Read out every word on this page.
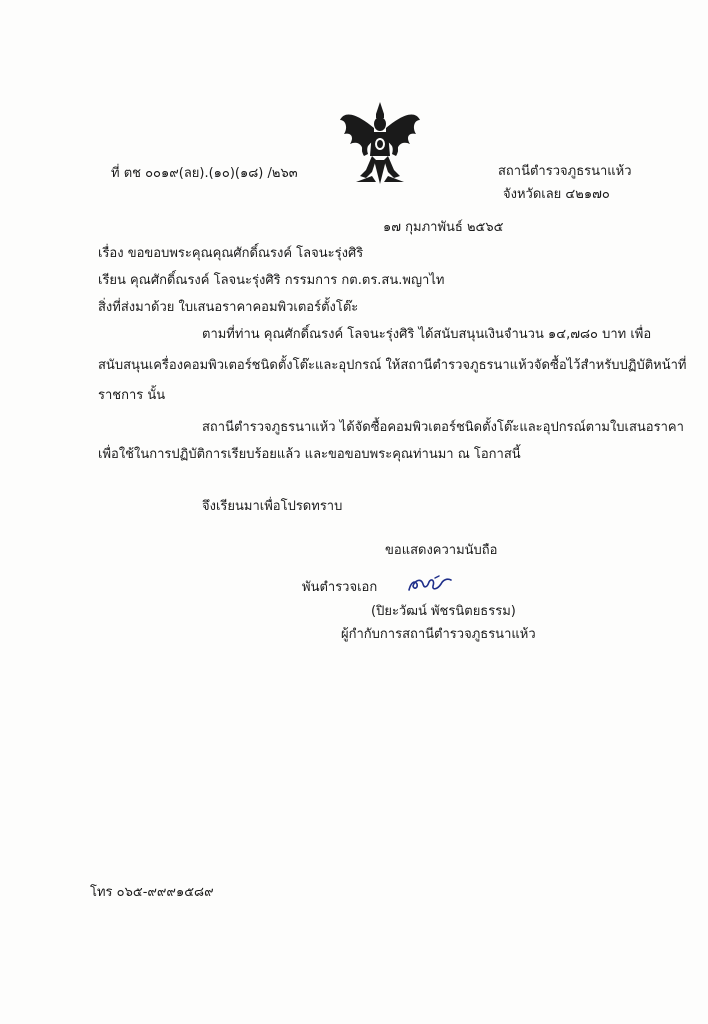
ที่ ตช ๐๐๑๙(ลย).(๑๐)(๑๘) /๒๖๓	สถานีตำรวจภูธรนาแห้ว
จังหวัดเลย ๔๒๑๗๐
๑๗ กุมภาพันธ์ ๒๕๖๕
เรื่อง ขอขอบพระคุณคุณศักดิ์ณรงค์ โลจนะรุ่งศิริ
เรียน คุณศักดิ์ณรงค์ โลจนะรุ่งศิริ กรรมการ กต.ตร.สน.พญาไท
สิ่งที่ส่งมาด้วย ใบเสนอราคาคอมพิวเตอร์ตั้งโต๊ะ
ตามที่ท่าน คุณศักดิ์ณรงค์ โลจนะรุ่งศิริ ได้สนับสนุนเงินจำนวน ๑๔,๗๘๐ บาท เพื่อ
สนับสนุนเครื่องคอมพิวเตอร์ชนิดตั้งโต๊ะและอุปกรณ์ ให้สถานีตำรวจภูธรนาแห้วจัดซื้อไว้สำหรับปฏิบัติหน้าที่
ราชการ นั้น
สถานีตำรวจภูธรนาแห้ว ได้จัดซื้อคอมพิวเตอร์ชนิดตั้งโต๊ะและอุปกรณ์ตามใบเสนอราคา
เพื่อใช้ในการปฏิบัติการเรียบร้อยแล้ว และขอขอบพระคุณท่านมา ณ โอกาสนี้
จึงเรียนมาเพื่อโปรดทราบ
ขอแสดงความนับถือ
พันตำรวจเอก
(ปิยะวัฒน์ พัชรนิตยธรรม)
ผู้กำกับการสถานีตำรวจภูธรนาแห้ว
โทร ๐๖๕-๙๙๙๑๕๘๙
